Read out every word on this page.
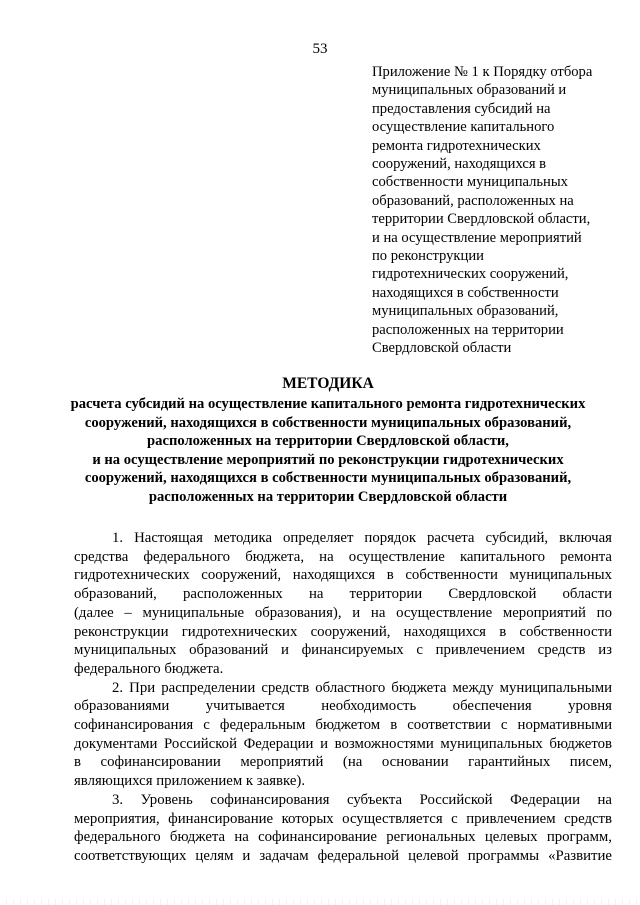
53
Приложение № 1 к Порядку отбора
муниципальных образований и
предоставления субсидий на
осуществление капитального
ремонта гидротехнических
сооружений, находящихся в
собственности муниципальных
образований, расположенных на
территории Свердловской области,
и на осуществление мероприятий
по реконструкции
гидротехнических сооружений,
находящихся в собственности
муниципальных образований,
расположенных на территории
Свердловской области
МЕТОДИКА
расчета субсидий на осуществление капитального ремонта гидротехнических
сооружений, находящихся в собственности муниципальных образований,
расположенных на территории Свердловской области,
и на осуществление мероприятий по реконструкции гидротехнических
сооружений, находящихся в собственности муниципальных образований,
расположенных на территории Свердловской области
1. Настоящая методика определяет порядок расчета субсидий, включая
средства федерального бюджета, на осуществление капитального ремонта
гидротехнических сооружений, находящихся в собственности муниципальных
образований, расположенных на территории Свердловской области
(далее – муниципальные образования), и на осуществление мероприятий по
реконструкции гидротехнических сооружений, находящихся в собственности
муниципальных образований и финансируемых с привлечением средств из
федерального бюджета.
2. При распределении средств областного бюджета между муниципальными
образованиями учитывается необходимость обеспечения уровня
софинансирования с федеральным бюджетом в соответствии с нормативными
документами Российской Федерации и возможностями муниципальных бюджетов
в софинансировании мероприятий (на основании гарантийных писем,
являющихся приложением к заявке).
3. Уровень софинансирования субъекта Российской Федерации на
мероприятия, финансирование которых осуществляется с привлечением средств
федерального бюджета на софинансирование региональных целевых программ,
соответствующих целям и задачам федеральной целевой программы «Развитие
